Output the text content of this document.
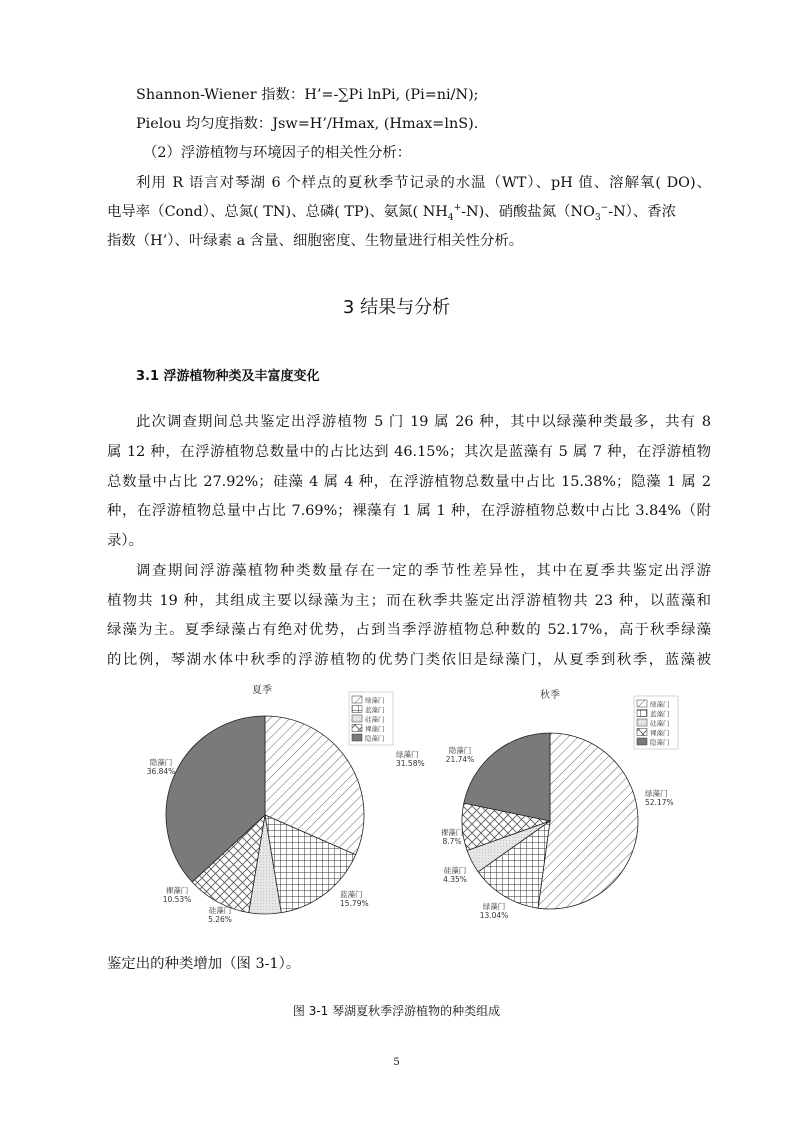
Shannon-Wiener 指数：H’=-∑Pi lnPi, (Pi=ni/N);
Pielou 均匀度指数：Jsw=H’/Hmax, (Hmax=lnS).
（2）浮游植物与环境因子的相关性分析：
利用 R 语言对琴湖 6 个样点的夏秋季节记录的水温（WT）、pH 值、溶解氧( DO)、
电导率（Cond）、总氮( TN)、总磷( TP)、氨氮( $NH_4^+-N$)、硝酸盐氮$(NO_3^--N)$、香浓
指数（H’）、叶绿素 a 含量、细胞密度、生物量进行相关性分析。
3 结果与分析
3.1 浮游植物种类及丰富度变化
此次调查期间总共鉴定出浮游植物 5 门 19 属 26 种，其中以绿藻种类最多，共有 8
属 12 种，在浮游植物总数量中的占比达到 46.15%；其次是蓝藻有 5 属 7 种，在浮游植物
总数量中占比 27.92%；硅藻 4 属 4 种，在浮游植物总数量中占比 15.38%；隐藻 1 属 2
种，在浮游植物总量中占比 7.69%；裸藻有 1 属 1 种，在浮游植物总数中占比 3.84%（附
录）。
调查期间浮游藻植物种类数量存在一定的季节性差异性，其中在夏季共鉴定出浮游
植物共 19 种，其组成主要以绿藻为主；而在秋季共鉴定出浮游植物共 23 种，以蓝藻和
绿藻为主。夏季绿藻占有绝对优势，占到当季浮游植物总种数的 52.17%，高于秋季绿藻
的比例，琴湖水体中秋季的浮游植物的优势门类依旧是绿藻门，从夏季到秋季，蓝藻被
绿藻门
31.58%
蓝藻门
15.79%
硅藻门
5.26%
裸藻门
10.53%
隐藻门
36.84%
夏季
绿藻门
蓝藻门
硅藻门
裸藻门
隐藻门
绿藻门
52.17%
绿藻门
13.04%
硅藻门
4.35%
裸藻门
8.7%
隐藻门
21.74%
秋季
绿藻门
蓝藻门
硅藻门
裸藻门
隐藻门
鉴定出的种类增加（图 3-1）。
图 3-1 琴湖夏秋季浮游植物的种类组成
5
